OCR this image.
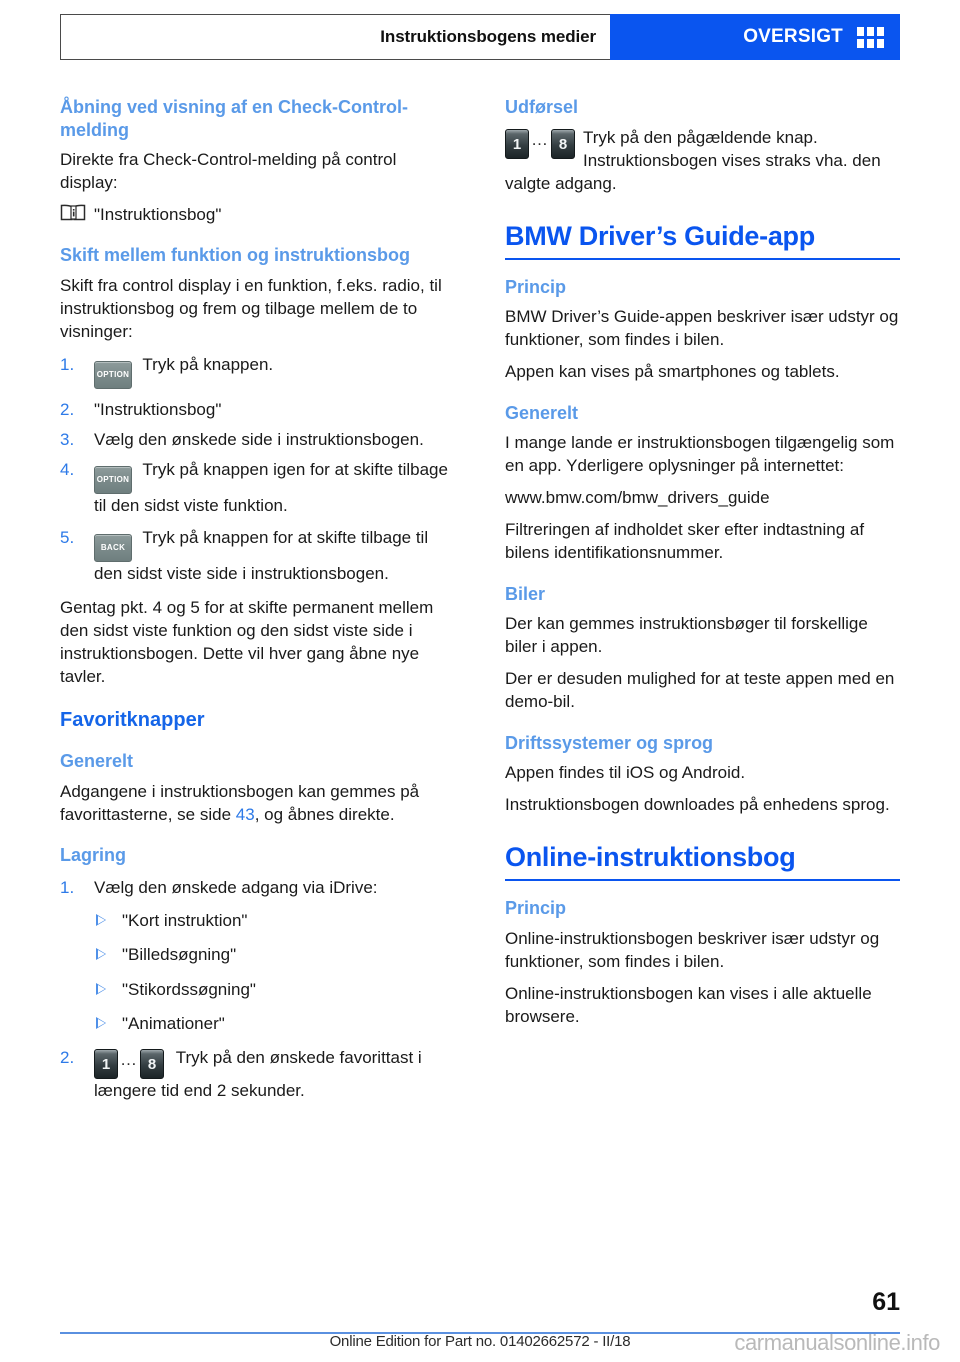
Instruktionsbogens medier	OVERSIGT
Åbning ved visning af en Check-Control-melding

Direkte fra Check-Control-melding på control display:

"Instruktionsbog"
Skift mellem funktion og instruktionsbog

Skift fra control display i en funktion, f.eks. radio, til instruktionsbog og frem og tilbage mellem de to visninger:

1.
OPTION Tryk på knappen.
2. "Instruktionsbog"
3. Vælg den ønskede side i instruktionsbogen.
4.
OPTION Tryk på knappen igen for at skifte tilbage til den sidst viste funktion.
5.
BACK Tryk på knappen for at skifte tilbage til den sidst viste side i instruktionsbogen.

Gentag pkt. 4 og 5 for at skifte permanent mellem den sidst viste funktion og den sidst viste side i instruktionsbogen. Dette vil hver gang åbne nye tavler.

Favoritknapper
Generelt

Adgangene i instruktionsbogen kan gemmes på favorittasterne, se side 43, og åbnes direkte.

Lagring
1. Vælg den ønskede adgang via iDrive:
"Kort instruktion"
"Billedsøgning"
"Stikordssøgning"
"Animationer"
2. 1 … 8 Tryk på den ønskede favorittast i længere tid end 2 sekunder.
Udførsel
1 … 8 Tryk på den pågældende knap.
Instruktionsbogen vises straks vha. den valgte adgang.
BMW Driver’s Guide-app
Princip

BMW Driver’s Guide-appen beskriver især udstyr og funktioner, som findes i bilen.

Appen kan vises på smartphones og tablets.

Generelt

I mange lande er instruktionsbogen tilgængelig som en app. Yderligere oplysninger på internettet:

www.bmw.com/bmw_drivers_guide

Filtreringen af indholdet sker efter indtastning af bilens identifikationsnummer.

Biler

Der kan gemmes instruktionsbøger til forskellige biler i appen.

Der er desuden mulighed for at teste appen med en demo-bil.

Driftssystemer og sprog

Appen findes til iOS og Android.

Instruktionsbogen downloades på enhedens sprog.

Online-instruktionsbog
Princip

Online-instruktionsbogen beskriver især udstyr og funktioner, som findes i bilen.

Online-instruktionsbogen kan vises i alle aktuelle browsere.

61
Online Edition for Part no. 01402662572 - II/18	carmanualsonline.info
